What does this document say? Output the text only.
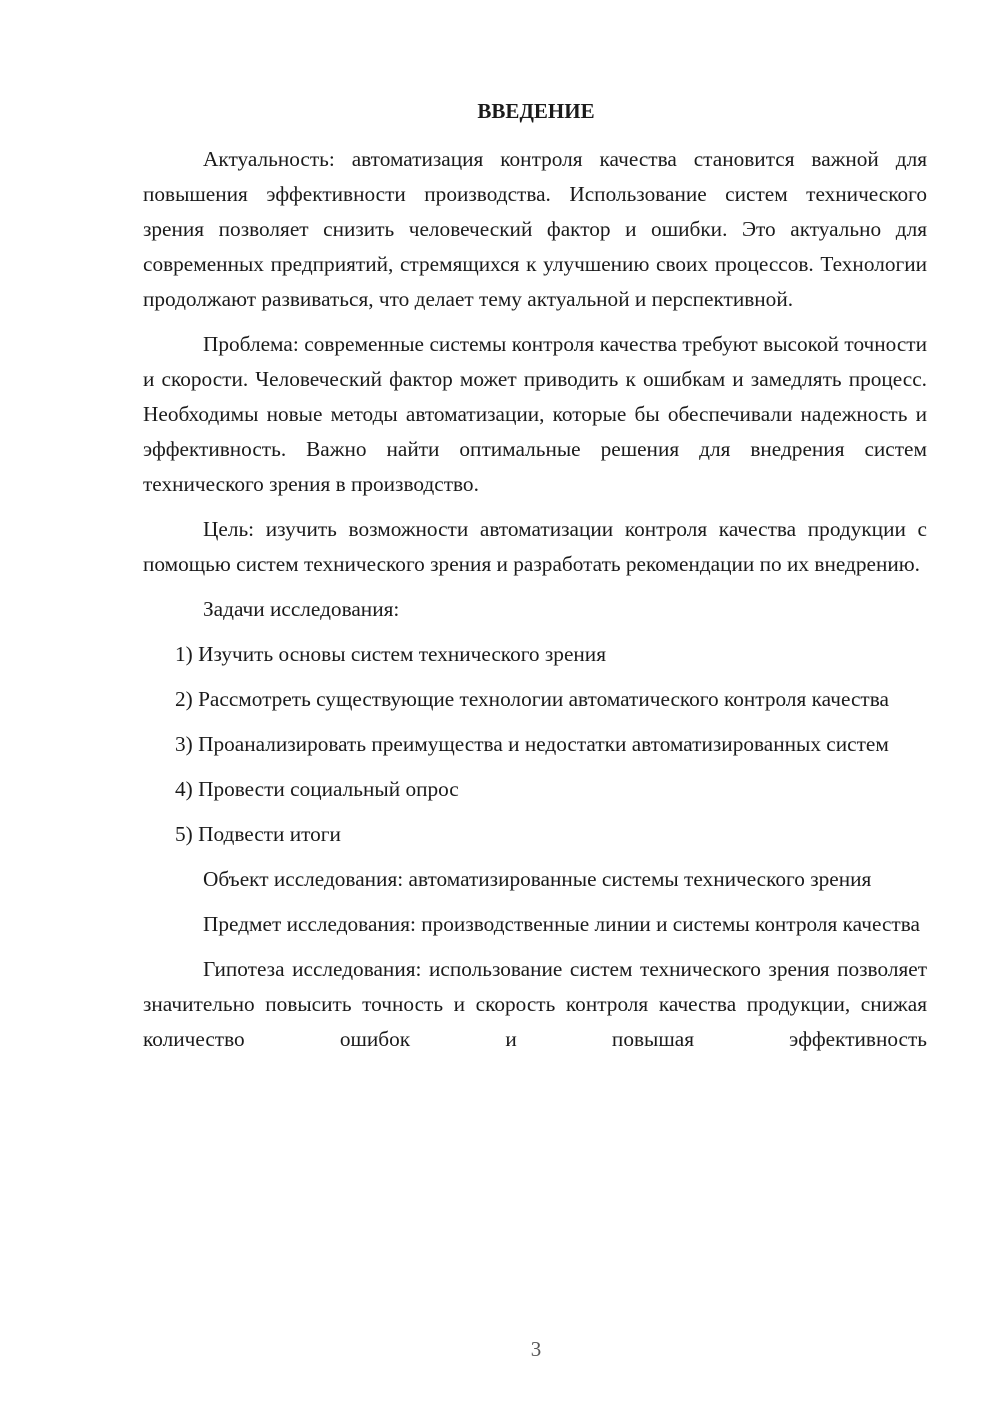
ВВЕДЕНИЕ

Актуальность: автоматизация контроля качества становится важной для повышения эффективности производства. Использование систем технического зрения позволяет снизить человеческий фактор и ошибки. Это актуально для современных предприятий, стремящихся к улучшению своих процессов. Технологии продолжают развиваться, что делает тему актуальной и перспективной.

Проблема: современные системы контроля качества требуют высокой точности и скорости. Человеческий фактор может приводить к ошибкам и замедлять процесс. Необходимы новые методы автоматизации, которые бы обеспечивали надежность и эффективность. Важно найти оптимальные решения для внедрения систем технического зрения в производство.

Цель: изучить возможности автоматизации контроля качества продукции с помощью систем технического зрения и разработать рекомендации по их внедрению.

Задачи исследования:

1) Изучить основы систем технического зрения

2) Рассмотреть существующие технологии автоматического контроля качества

3) Проанализировать преимущества и недостатки автоматизированных систем

4) Провести социальный опрос

5) Подвести итоги

Объект исследования: автоматизированные системы технического зрения

Предмет исследования: производственные линии и системы контроля качества

Гипотеза исследования: использование систем технического зрения позволяет значительно повысить точность и скорость контроля качества продукции, снижая количество ошибок и повышая эффективность

3
